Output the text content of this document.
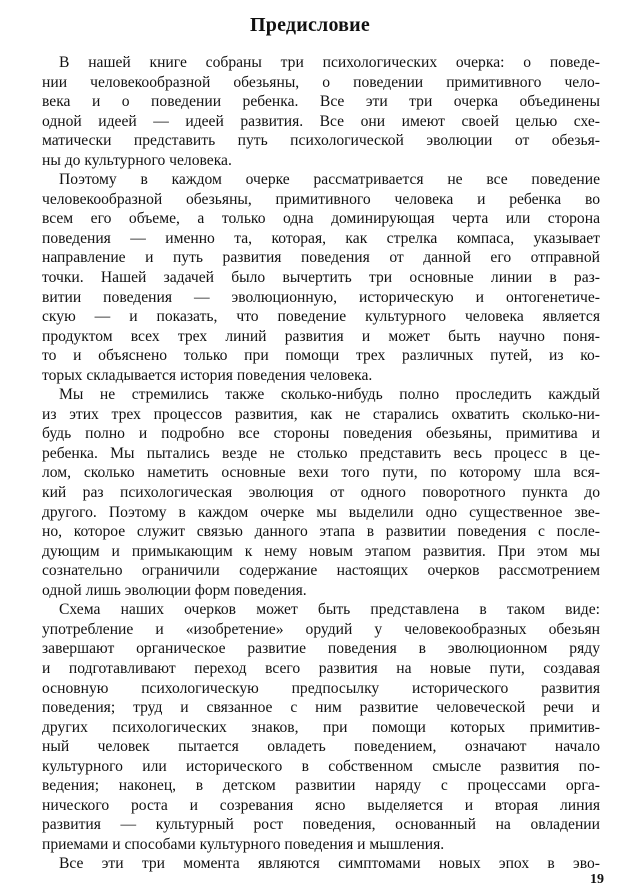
Предисловие
В нашей книге собраны три психологических очерка: о поведе-
нии человекообразной обезьяны, о поведении примитивного чело-
века и о поведении ребенка. Все эти три очерка объединены
одной идеей — идеей развития. Все они имеют своей целью схе-
матически представить путь психологической эволюции от обезья-
ны до культурного человека.
Поэтому в каждом очерке рассматривается не все поведение
человекообразной обезьяны, примитивного человека и ребенка во
всем его объеме, а только одна доминирующая черта или сторона
поведения — именно та, которая, как стрелка компаса, указывает
направление и путь развития поведения от данной его отправной
точки. Нашей задачей было вычертить три основные линии в раз-
витии поведения — эволюционную, историческую и онтогенетиче-
скую — и показать, что поведение культурного человека является
продуктом всех трех линий развития и может быть научно поня-
то и объяснено только при помощи трех различных путей, из ко-
торых складывается история поведения человека.
Мы не стремились также сколько-нибудь полно проследить каждый
из этих трех процессов развития, как не старались охватить сколько-ни-
будь полно и подробно все стороны поведения обезьяны, примитива и
ребенка. Мы пытались везде не столько представить весь процесс в це-
лом, сколько наметить основные вехи того пути, по которому шла вся-
кий раз психологическая эволюция от одного поворотного пункта до
другого. Поэтому в каждом очерке мы выделили одно существенное зве-
но, которое служит связью данного этапа в развитии поведения с после-
дующим и примыкающим к нему новым этапом развития. При этом мы
сознательно ограничили содержание настоящих очерков рассмотрением
одной лишь эволюции форм поведения.
Схема наших очерков может быть представлена в таком виде:
употребление и «изобретение» орудий у человекообразных обезьян
завершают органическое развитие поведения в эволюционном ряду
и подготавливают переход всего развития на новые пути, создавая
основную психологическую предпосылку исторического развития
поведения; труд и связанное с ним развитие человеческой речи и
других психологических знаков, при помощи которых примитив-
ный человек пытается овладеть поведением, означают начало
культурного или исторического в собственном смысле развития по-
ведения; наконец, в детском развитии наряду с процессами орга-
нического роста и созревания ясно выделяется и вторая линия
развития — культурный рост поведения, основанный на овладении
приемами и способами культурного поведения и мышления.
Все эти три момента являются симптомами новых эпох в эво-
19
